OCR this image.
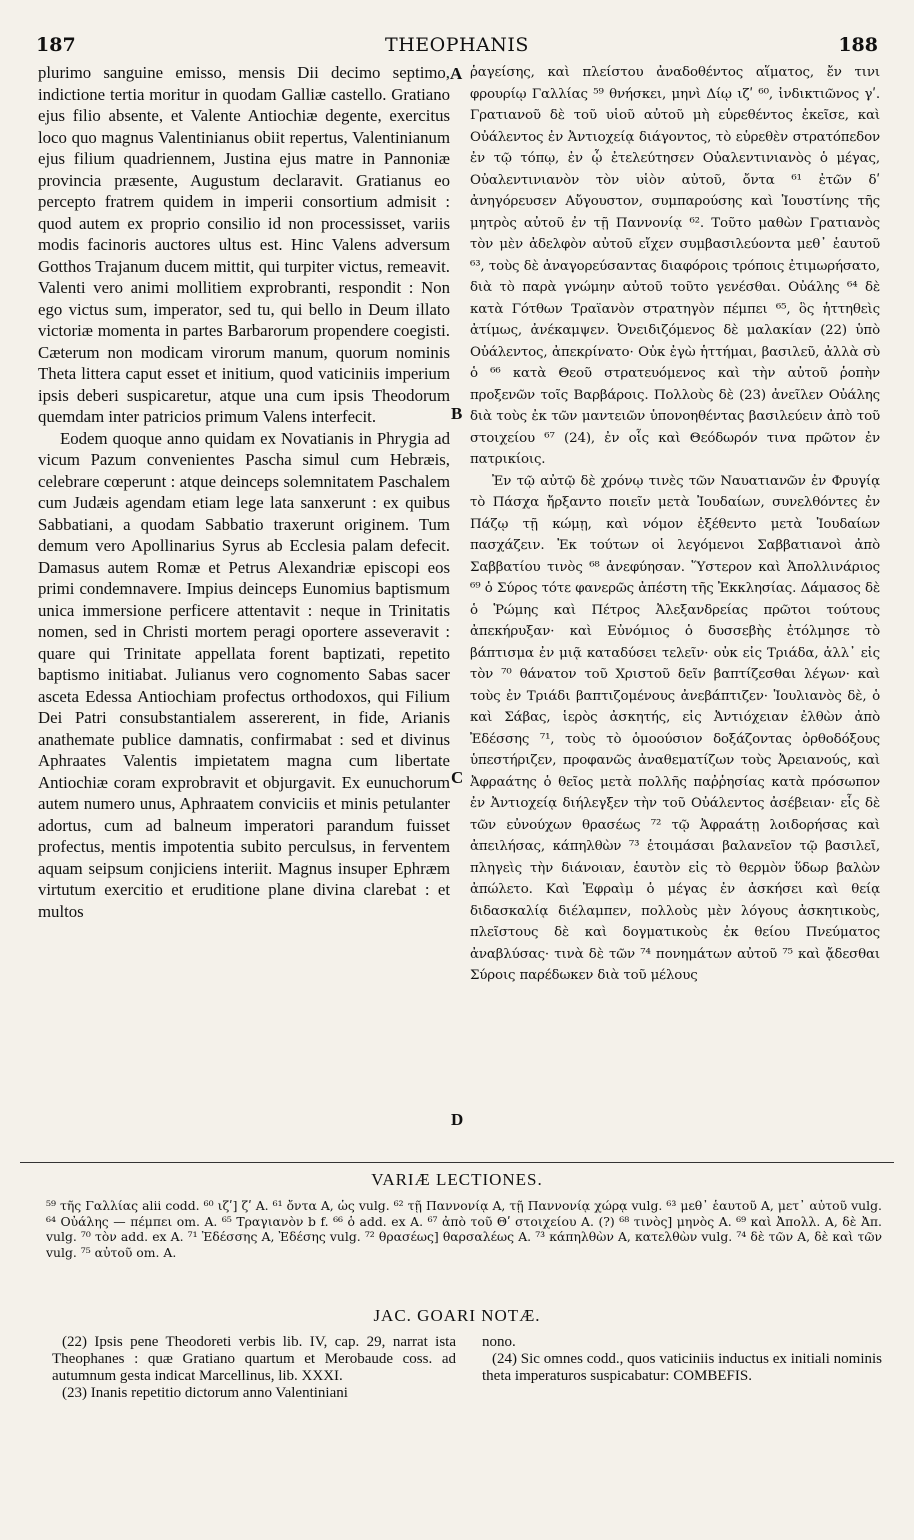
187	THEOPHANIS	188

plurimo sanguine emisso, mensis Dii decimo septimo, indictione tertia moritur in quodam Galliæ castello. Gratiano ejus filio absente, et Valente Antiochiæ degente, exercitus loco quo magnus Valentinianus obiit repertus, Valentinianum ejus filium quadriennem, Justina ejus matre in Pannoniæ provincia præsente, Augustum declaravit. Gratianus eo percepto fratrem quidem in imperii consortium admisit : quod autem ex proprio consilio id non processisset, variis modis facinoris auctores ultus est. Hinc Valens adversum Gotthos Trajanum ducem mittit, qui turpiter victus, remeavit. Valenti vero animi mollitiem exprobranti, respondit : Non ego victus sum, imperator, sed tu, qui bello in Deum illato victoriæ momenta in partes Barbarorum propendere coegisti. Cæterum non modicam virorum manum, quorum nominis Theta littera caput esset et initium, quod vaticiniis imperium ipsis deberi suspicaretur, atque una cum ipsis Theodorum quemdam inter patricios primum Valens interfecit.

Eodem quoque anno quidam ex Novatianis in Phrygia ad vicum Pazum convenientes Pascha simul cum Hebræis, celebrare cœperunt : atque deinceps solemnitatem Paschalem cum Judæis agendam etiam lege lata sanxerunt : ex quibus Sabbatiani, a quodam Sabbatio traxerunt originem. Tum demum vero Apollinarius Syrus ab Ecclesia palam defecit. Damasus autem Romæ et Petrus Alexandriæ episcopi eos primi condemnavere. Impius deinceps Eunomius baptismum unica immersione perficere attentavit : neque in Trinitatis nomen, sed in Christi mortem peragi oportere asseveravit : quare qui Trinitate appellata forent baptizati, repetito baptismo initiabat. Julianus vero cognomento Sabas sacer asceta Edessa Antiochiam profectus orthodoxos, qui Filium Dei Patri consubstantialem assererent, in fide, Arianis anathemate publice damnatis, confirmabat : sed et divinus Aphraates Valentis impietatem magna cum libertate Antiochiæ coram exprobravit et objurgavit. Ex eunuchorum autem numero unus, Aphraatem conviciis et minis petulanter adortus, cum ad balneum imperatori parandum fuisset profectus, mentis impotentia subito perculsus, in ferventem aquam seipsum conjiciens interiit. Magnus insuper Ephræm virtutum exercitio et eruditione plane divina clarebat : et multos

A
B
C
D

ῥαγείσης, καὶ πλείστου ἀναδοθέντος αἵματος, ἔν τινι φρουρίῳ Γαλλίας ⁵⁹ θνήσκει, μηνὶ Δίῳ ιζʹ ⁶⁰, ἰνδικτιῶνος γʹ. Γρατιανοῦ δὲ τοῦ υἱοῦ αὐτοῦ μὴ εὑρεθέντος ἐκεῖσε, καὶ Οὐάλεντος ἐν Ἀντιοχείᾳ διάγοντος, τὸ εὑρεθὲν στρατόπεδον ἐν τῷ τόπῳ, ἐν ᾧ ἐτελεύτησεν Οὐαλεντινιανὸς ὁ μέγας, Οὐαλεντινιανὸν τὸν υἱὸν αὐτοῦ, ὄντα ⁶¹ ἐτῶν δʹ ἀνηγόρευσεν Αὔγουστον, συμπαρούσης καὶ Ἰουστίνης τῆς μητρὸς αὐτοῦ ἐν τῇ Παννονίᾳ ⁶². Τοῦτο μαθὼν Γρατιανὸς τὸν μὲν ἀδελφὸν αὐτοῦ εἴχεν συμβασιλεύοντα μεθ᾽ ἑαυτοῦ ⁶³, τοὺς δὲ ἀναγορεύσαντας διαφόροις τρόποις ἐτιμωρήσατο, διὰ τὸ παρὰ γνώμην αὐτοῦ τοῦτο γενέσθαι. Οὐάλης ⁶⁴ δὲ κατὰ Γότθων Τραϊανὸν στρατηγὸν πέμπει ⁶⁵, ὃς ἡττηθεὶς ἀτίμως, ἀνέκαμψεν. Ὀνειδιζόμενος δὲ μαλακίαν (22) ὑπὸ Οὐάλεντος, ἀπεκρίνατο· Οὐκ ἐγὼ ἡττήμαι, βασιλεῦ, ἀλλὰ σὺ ὁ ⁶⁶ κατὰ Θεοῦ στρατευόμενος καὶ τὴν αὐτοῦ ῥοπὴν προξενῶν τοῖς Βαρβάροις. Πολλοὺς δὲ (23) ἀνεῖλεν Οὐάλης διὰ τοὺς ἐκ τῶν μαντειῶν ὑπονοηθέντας βασιλεύειν ἀπὸ τοῦ στοιχείου ⁶⁷ (24), ἐν οἷς καὶ Θεόδωρόν τινα πρῶτον ἐν πατρικίοις.

Ἐν τῷ αὐτῷ δὲ χρόνῳ τινὲς τῶν Ναυατιανῶν ἐν Φρυγίᾳ τὸ Πάσχα ἤρξαντο ποιεῖν μετὰ Ἰουδαίων, συνελθόντες ἐν Πάζῳ τῇ κώμῃ, καὶ νόμον ἐξέθεντο μετὰ Ἰουδαίων πασχάζειν. Ἐκ τούτων οἱ λεγόμενοι Σαββατιανοὶ ἀπὸ Σαββατίου τινὸς ⁶⁸ ἀνεφύησαν. Ὕστερον καὶ Ἀπολλινάριος ⁶⁹ ὁ Σύρος τότε φανερῶς ἀπέστη τῆς Ἐκκλησίας. Δάμασος δὲ ὁ Ῥώμης καὶ Πέτρος Ἀλεξανδρείας πρῶτοι τούτους ἀπεκήρυξαν· καὶ Εὐνόμιος ὁ δυσσεβὴς ἐτόλμησε τὸ βάπτισμα ἐν μιᾷ καταδύσει τελεῖν· οὐκ εἰς Τριάδα, ἀλλ᾽ εἰς τὸν ⁷⁰ θάνατον τοῦ Χριστοῦ δεῖν βαπτίζεσθαι λέγων· καὶ τοὺς ἐν Τριάδι βαπτιζομένους ἀνεβάπτιζεν· Ἰουλιανὸς δὲ, ὁ καὶ Σάβας, ἱερὸς ἀσκητής, εἰς Ἀντιόχειαν ἐλθὼν ἀπὸ Ἐδέσσης ⁷¹, τοὺς τὸ ὁμοούσιον δοξάζοντας ὀρθοδόξους ὑπεστήριζεν, προφανῶς ἀναθεματίζων τοὺς Ἀρειανούς, καὶ Ἀφραάτης ὁ θεῖος μετὰ πολλῆς παῤῥησίας κατὰ πρόσωπον ἐν Ἀντιοχείᾳ διήλεγξεν τὴν τοῦ Οὐάλεντος ἀσέβειαν· εἷς δὲ τῶν εὐνούχων θρασέως ⁷² τῷ Ἀφραάτῃ λοιδορήσας καὶ ἀπειλήσας, κάπηλθὼν ⁷³ ἑτοιμάσαι βαλανεῖον τῷ βασιλεῖ, πληγεὶς τὴν διάνοιαν, ἑαυτὸν εἰς τὸ θερμὸν ὕδωρ βαλὼν ἀπώλετο. Καὶ Ἐφραὶμ ὁ μέγας ἐν ἀσκήσει καὶ θείᾳ διδασκαλίᾳ διέλαμπεν, πολλοὺς μὲν λόγους ἀσκητικοὺς, πλεῖστους δὲ καὶ δογματικοὺς ἐκ θείου Πνεύματος ἀναβλύσας· τινὰ δὲ τῶν ⁷⁴ πονημάτων αὐτοῦ ⁷⁵ καὶ ᾄδεσθαι Σύροις παρέδωκεν διὰ τοῦ μέλους

VARIÆ LECTIONES.
⁵⁹ τῆς Γαλλίας alii codd. ⁶⁰ ιζʹ] ζʹ A. ⁶¹ ὄντα A, ὡς vulg. ⁶² τῇ Παννονίᾳ A, τῇ Παννονίᾳ χώρᾳ vulg. ⁶³ μεθ᾽ ἑαυτοῦ A, μετ᾽ αὐτοῦ vulg. ⁶⁴ Οὐάλης — πέμπει om. A. ⁶⁵ Τραγιανὸν b f. ⁶⁶ ὁ add. ex A. ⁶⁷ ἀπὸ τοῦ Θʹ στοιχείου A. (?) ⁶⁸ τινὸς] μηνὸς A. ⁶⁹ καὶ Ἀπολλ. A, δὲ Ἀπ. vulg. ⁷⁰ τὸν add. ex A. ⁷¹ Ἐδέσσης A, Ἐδέσης vulg. ⁷² θρασέως] θαρσαλέως A. ⁷³ κάπηλθὼν A, κατελθὼν vulg. ⁷⁴ δὲ τῶν A, δὲ καὶ τῶν vulg. ⁷⁵ αὐτοῦ om. A.
JAC. GOARI NOTÆ.

(22) Ipsis pene Theodoreti verbis lib. IV, cap. 29, narrat ista Theophanes : quæ Gratiano quartum et Merobaude coss. ad autumnum gesta indicat Marcellinus, lib. XXXI.

(23) Inanis repetitio dictorum anno Valentiniani

nono.

(24) Sic omnes codd., quos vaticiniis inductus ex initiali nominis theta imperaturos suspicabatur: COMBEFIS.
